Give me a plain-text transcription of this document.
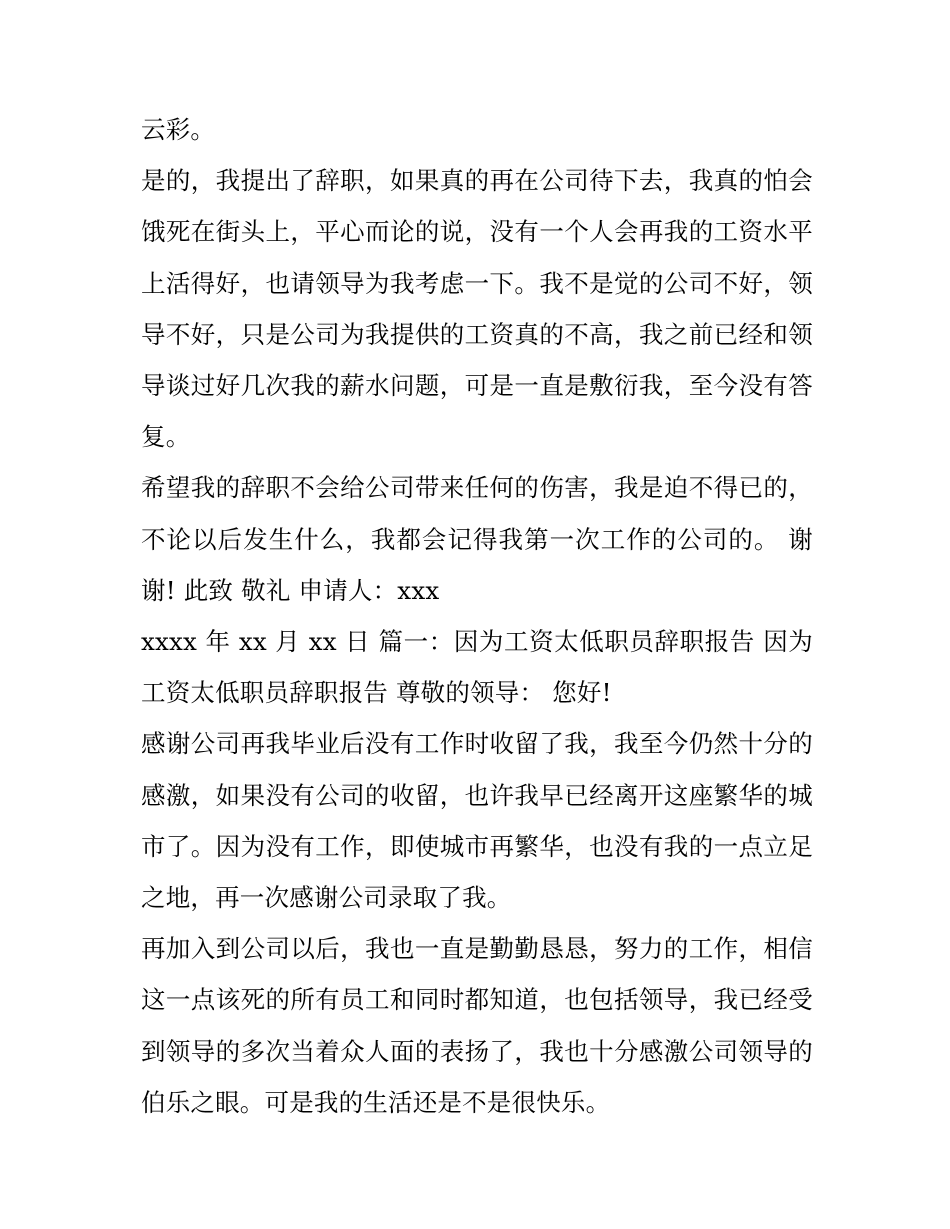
云彩。

是的，我提出了辞职，如果真的再在公司待下去，我真的怕会饿死在街头上，平心而论的说，没有一个人会再我的工资水平上活得好，也请领导为我考虑一下。我不是觉的公司不好，领导不好，只是公司为我提供的工资真的不高，我之前已经和领导谈过好几次我的薪水问题，可是一直是敷衍我，至今没有答复。

希望我的辞职不会给公司带来任何的伤害，我是迫不得已的，不论以后发生什么，我都会记得我第一次工作的公司的。 谢谢! 此致 敬礼 申请人：xxx

xxxx 年 xx 月 xx 日 篇一：因为工资太低职员辞职报告 因为工资太低职员辞职报告 尊敬的领导： 您好!

感谢公司再我毕业后没有工作时收留了我，我至今仍然十分的感激，如果没有公司的收留，也许我早已经离开这座繁华的城市了。因为没有工作，即使城市再繁华，也没有我的一点立足之地，再一次感谢公司录取了我。

再加入到公司以后，我也一直是勤勤恳恳，努力的工作，相信这一点该死的所有员工和同时都知道，也包括领导，我已经受到领导的多次当着众人面的表扬了，我也十分感激公司领导的伯乐之眼。可是我的生活还是不是很快乐。
